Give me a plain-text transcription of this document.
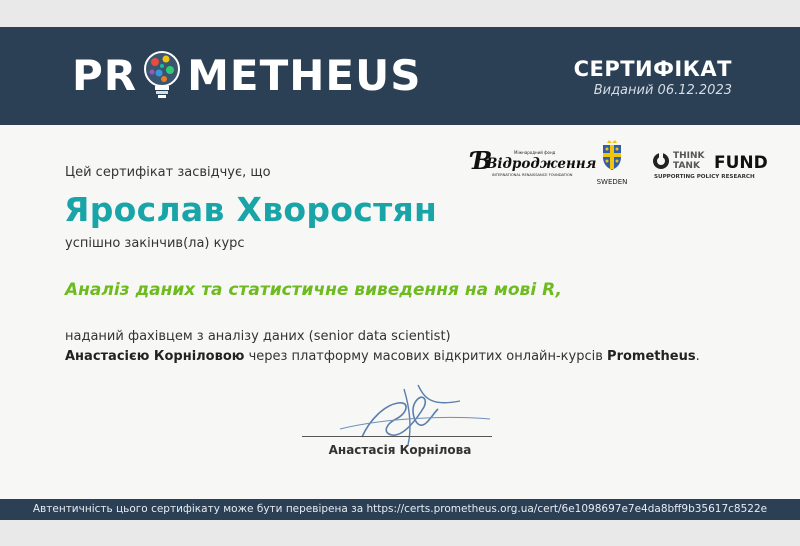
PR METHEUS	СЕРТИФІКАТ
Виданий 06.12.2023
Ɓ	Міжнародний фонд
Відродження
INTERNATIONAL RENAISSANCE FOUNDATION
SWEDEN
THINK
TANK FUND
SUPPORTING POLICY RESEARCH
Цей сертифікат засвідчує, що
Ярослав Хворостян
успішно закінчив(ла) курс
Аналіз даних та статистичне виведення на мові R,
наданий фахівцем з аналізу даних (senior data scientist)
Анастасією Корніловою через платформу масових відкритих онлайн-курсів Prometheus.
Анастасія Корнілова
Автентичність цього сертифікату може бути перевірена за https://certs.prometheus.org.ua/cert/6e1098697e7e4da8bff9b35617c8522e
